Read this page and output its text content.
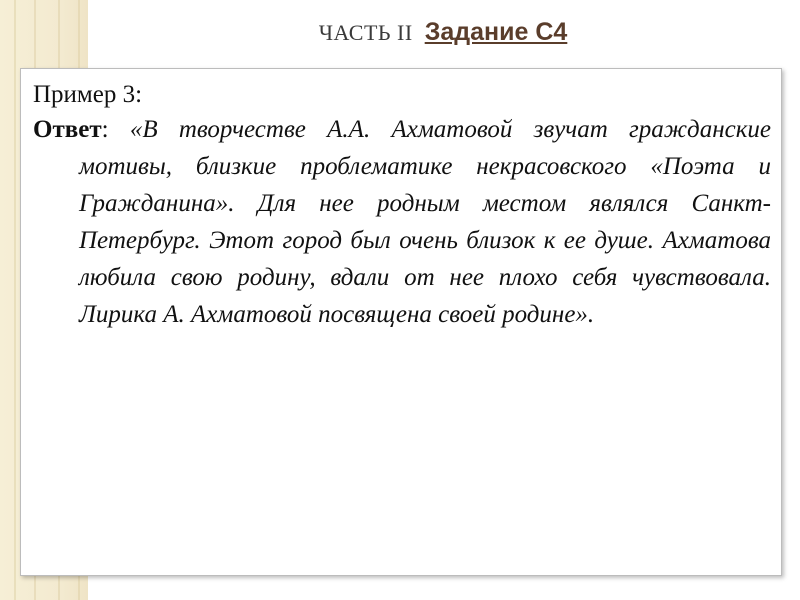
ЧАСТЬ II Задание С4
Пример 3:
Ответ: «В творчестве А.А. Ахматовой звучат гражданские мотивы, близкие проблематике некрасовского «Поэта и Гражданина». Для нее родным местом являлся Санкт-Петербург. Этот город был очень близок к ее душе. Ахматова любила свою родину, вдали от нее плохо себя чувствовала. Лирика А. Ахматовой посвящена своей родине».
